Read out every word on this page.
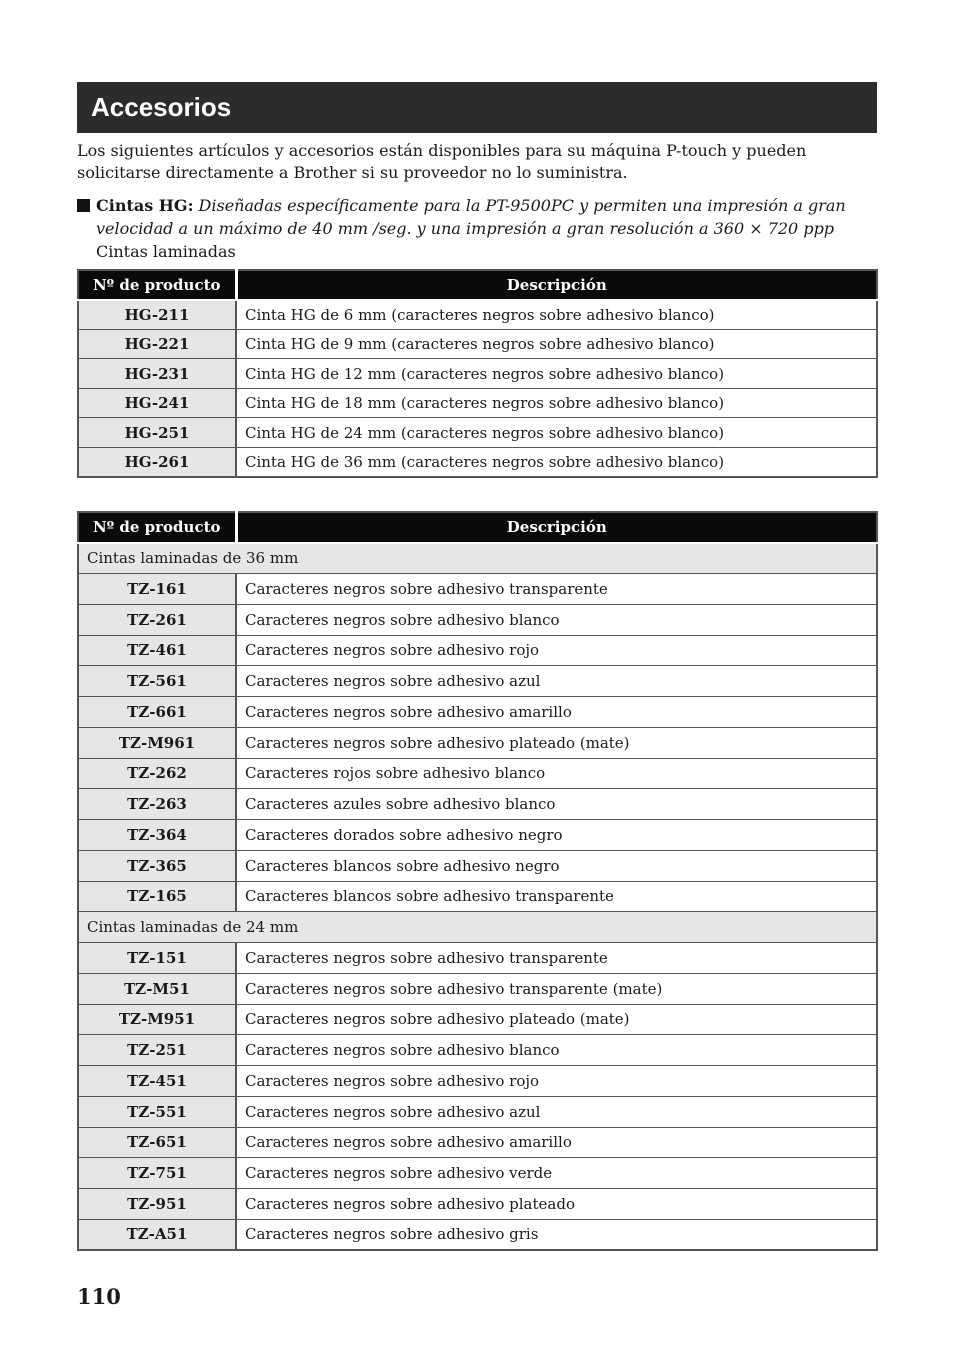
Accesorios

Los siguientes artículos y accesorios están disponibles para su máquina P-touch y pueden solicitarse directamente a Brother si su proveedor no lo suministra.

Cintas HG: Diseñadas específicamente para la PT-9500PC y permiten una impresión a gran velocidad a un máximo de 40 mm /seg. y una impresión a gran resolución a 360 × 720 ppp
Cintas laminadas
Nº de producto	Descripción
HG-211	Cinta HG de 6 mm (caracteres negros sobre adhesivo blanco)
HG-221	Cinta HG de 9 mm (caracteres negros sobre adhesivo blanco)
HG-231	Cinta HG de 12 mm (caracteres negros sobre adhesivo blanco)
HG-241	Cinta HG de 18 mm (caracteres negros sobre adhesivo blanco)
HG-251	Cinta HG de 24 mm (caracteres negros sobre adhesivo blanco)
HG-261	Cinta HG de 36 mm (caracteres negros sobre adhesivo blanco)
Nº de producto	Descripción
Cintas laminadas de 36 mm	
TZ-161	Caracteres negros sobre adhesivo transparente
TZ-261	Caracteres negros sobre adhesivo blanco
TZ-461	Caracteres negros sobre adhesivo rojo
TZ-561	Caracteres negros sobre adhesivo azul
TZ-661	Caracteres negros sobre adhesivo amarillo
TZ-M961	Caracteres negros sobre adhesivo plateado (mate)
TZ-262	Caracteres rojos sobre adhesivo blanco
TZ-263	Caracteres azules sobre adhesivo blanco
TZ-364	Caracteres dorados sobre adhesivo negro
TZ-365	Caracteres blancos sobre adhesivo negro
TZ-165	Caracteres blancos sobre adhesivo transparente
Cintas laminadas de 24 mm	
TZ-151	Caracteres negros sobre adhesivo transparente
TZ-M51	Caracteres negros sobre adhesivo transparente (mate)
TZ-M951	Caracteres negros sobre adhesivo plateado (mate)
TZ-251	Caracteres negros sobre adhesivo blanco
TZ-451	Caracteres negros sobre adhesivo rojo
TZ-551	Caracteres negros sobre adhesivo azul
TZ-651	Caracteres negros sobre adhesivo amarillo
TZ-751	Caracteres negros sobre adhesivo verde
TZ-951	Caracteres negros sobre adhesivo plateado
TZ-A51	Caracteres negros sobre adhesivo gris
110
